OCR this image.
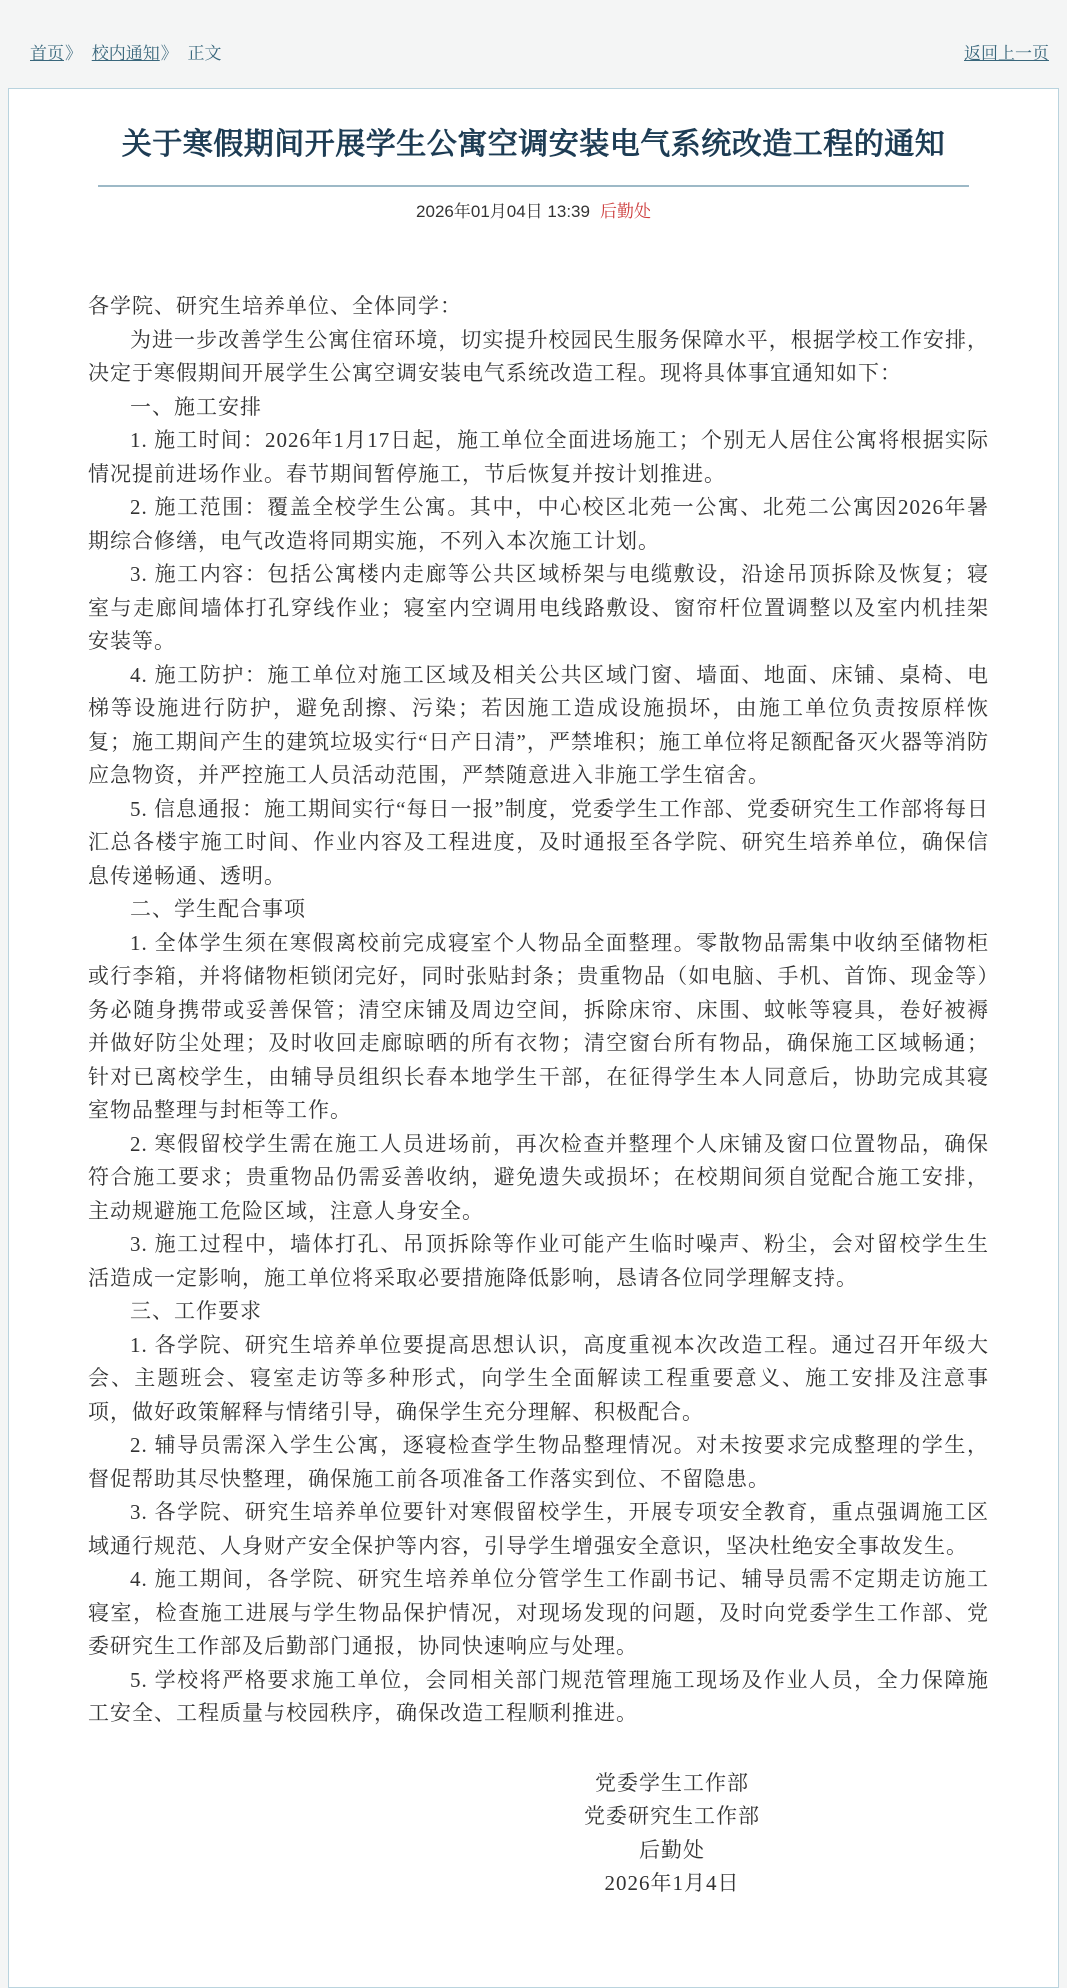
首页》 校内通知》 正文	返回上一页
关于寒假期间开展学生公寓空调安装电气系统改造工程的通知
2026年01月04日 13:39 后勤处

各学院、研究生培养单位、全体同学：

为进一步改善学生公寓住宿环境，切实提升校园民生服务保障水平，根据学校工作安排，决定于寒假期间开展学生公寓空调安装电气系统改造工程。现将具体事宜通知如下：

一、施工安排

1. 施工时间：2026年1月17日起，施工单位全面进场施工；个别无人居住公寓将根据实际情况提前进场作业。春节期间暂停施工，节后恢复并按计划推进。

2. 施工范围：覆盖全校学生公寓。其中，中心校区北苑一公寓、北苑二公寓因2026年暑期综合修缮，电气改造将同期实施，不列入本次施工计划。

3. 施工内容：包括公寓楼内走廊等公共区域桥架与电缆敷设，沿途吊顶拆除及恢复；寝室与走廊间墙体打孔穿线作业；寝室内空调用电线路敷设、窗帘杆位置调整以及室内机挂架安装等。

4. 施工防护：施工单位对施工区域及相关公共区域门窗、墙面、地面、床铺、桌椅、电梯等设施进行防护，避免刮擦、污染；若因施工造成设施损坏，由施工单位负责按原样恢复；施工期间产生的建筑垃圾实行“日产日清”，严禁堆积；施工单位将足额配备灭火器等消防应急物资，并严控施工人员活动范围，严禁随意进入非施工学生宿舍。

5. 信息通报：施工期间实行“每日一报”制度，党委学生工作部、党委研究生工作部将每日汇总各楼宇施工时间、作业内容及工程进度，及时通报至各学院、研究生培养单位，确保信息传递畅通、透明。

二、学生配合事项

1. 全体学生须在寒假离校前完成寝室个人物品全面整理。零散物品需集中收纳至储物柜或行李箱，并将储物柜锁闭完好，同时张贴封条；贵重物品（如电脑、手机、首饰、现金等）务必随身携带或妥善保管；清空床铺及周边空间，拆除床帘、床围、蚊帐等寝具，卷好被褥并做好防尘处理；及时收回走廊晾晒的所有衣物；清空窗台所有物品，确保施工区域畅通；针对已离校学生，由辅导员组织长春本地学生干部，在征得学生本人同意后，协助完成其寝室物品整理与封柜等工作。

2. 寒假留校学生需在施工人员进场前，再次检查并整理个人床铺及窗口位置物品，确保符合施工要求；贵重物品仍需妥善收纳，避免遗失或损坏；在校期间须自觉配合施工安排，主动规避施工危险区域，注意人身安全。

3. 施工过程中，墙体打孔、吊顶拆除等作业可能产生临时噪声、粉尘，会对留校学生生活造成一定影响，施工单位将采取必要措施降低影响，恳请各位同学理解支持。

三、工作要求

1. 各学院、研究生培养单位要提高思想认识，高度重视本次改造工程。通过召开年级大会、主题班会、寝室走访等多种形式，向学生全面解读工程重要意义、施工安排及注意事项，做好政策解释与情绪引导，确保学生充分理解、积极配合。

2. 辅导员需深入学生公寓，逐寝检查学生物品整理情况。对未按要求完成整理的学生，督促帮助其尽快整理，确保施工前各项准备工作落实到位、不留隐患。

3. 各学院、研究生培养单位要针对寒假留校学生，开展专项安全教育，重点强调施工区域通行规范、人身财产安全保护等内容，引导学生增强安全意识，坚决杜绝安全事故发生。

4. 施工期间，各学院、研究生培养单位分管学生工作副书记、辅导员需不定期走访施工寝室，检查施工进展与学生物品保护情况，对现场发现的问题，及时向党委学生工作部、党委研究生工作部及后勤部门通报，协同快速响应与处理。

5. 学校将严格要求施工单位，会同相关部门规范管理施工现场及作业人员，全力保障施工安全、工程质量与校园秩序，确保改造工程顺利推进。

党委学生工作部
党委研究生工作部
后勤处
2026年1月4日
